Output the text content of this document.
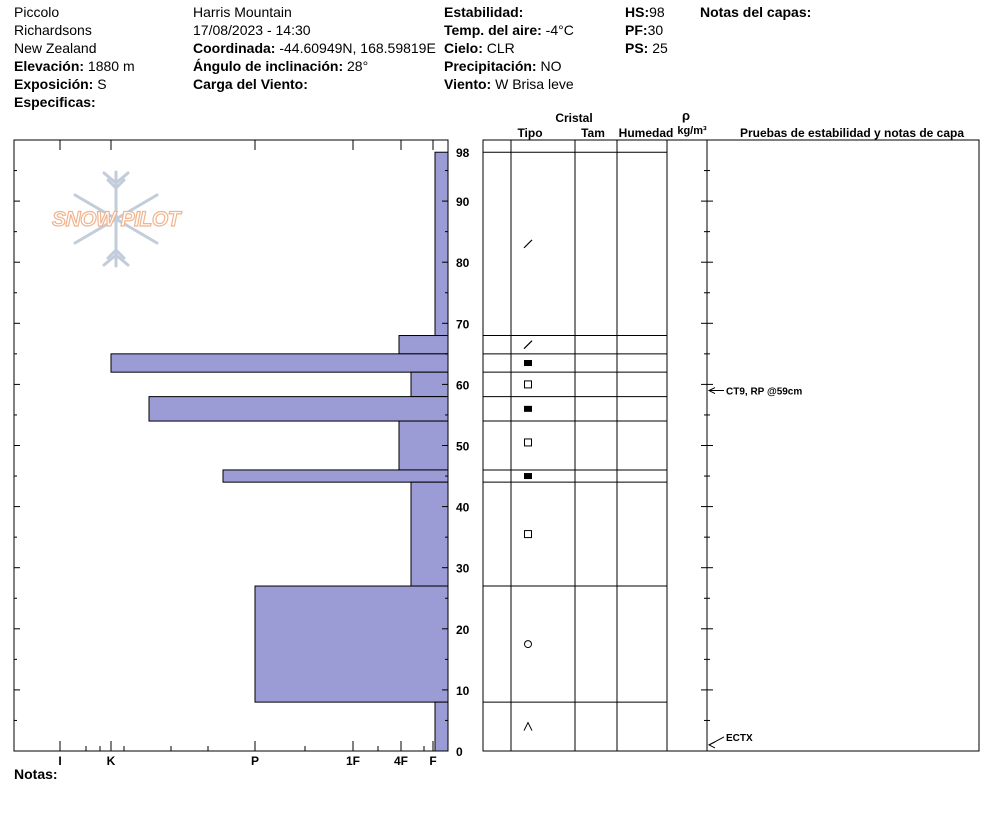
Piccolo
Richardsons
New Zealand
Elevación: 1880 m
Exposición: S
Especificas:
Harris Mountain
17/08/2023 - 14:30
Coordinada: -44.60949N, 168.59819E
Ángulo de inclinación: 28°
Carga del Viento:
Estabilidad:
Temp. del aire: -4°C
Cielo: CLR
Precipitación: NO
Viento: W Brisa leve
HS:98
PF:30
PS: 25
Notas del capas:
Notas:
SNOW PILOT
I	K	P	1F	4F F
0
10
20
30
40
50
60
70
80
90
98
Cristal
Tipo	Tam Humedad
ρ
kg/m³	Pruebas de estabilidad y notas de capa
CT9, RP @59cm
ECTX
